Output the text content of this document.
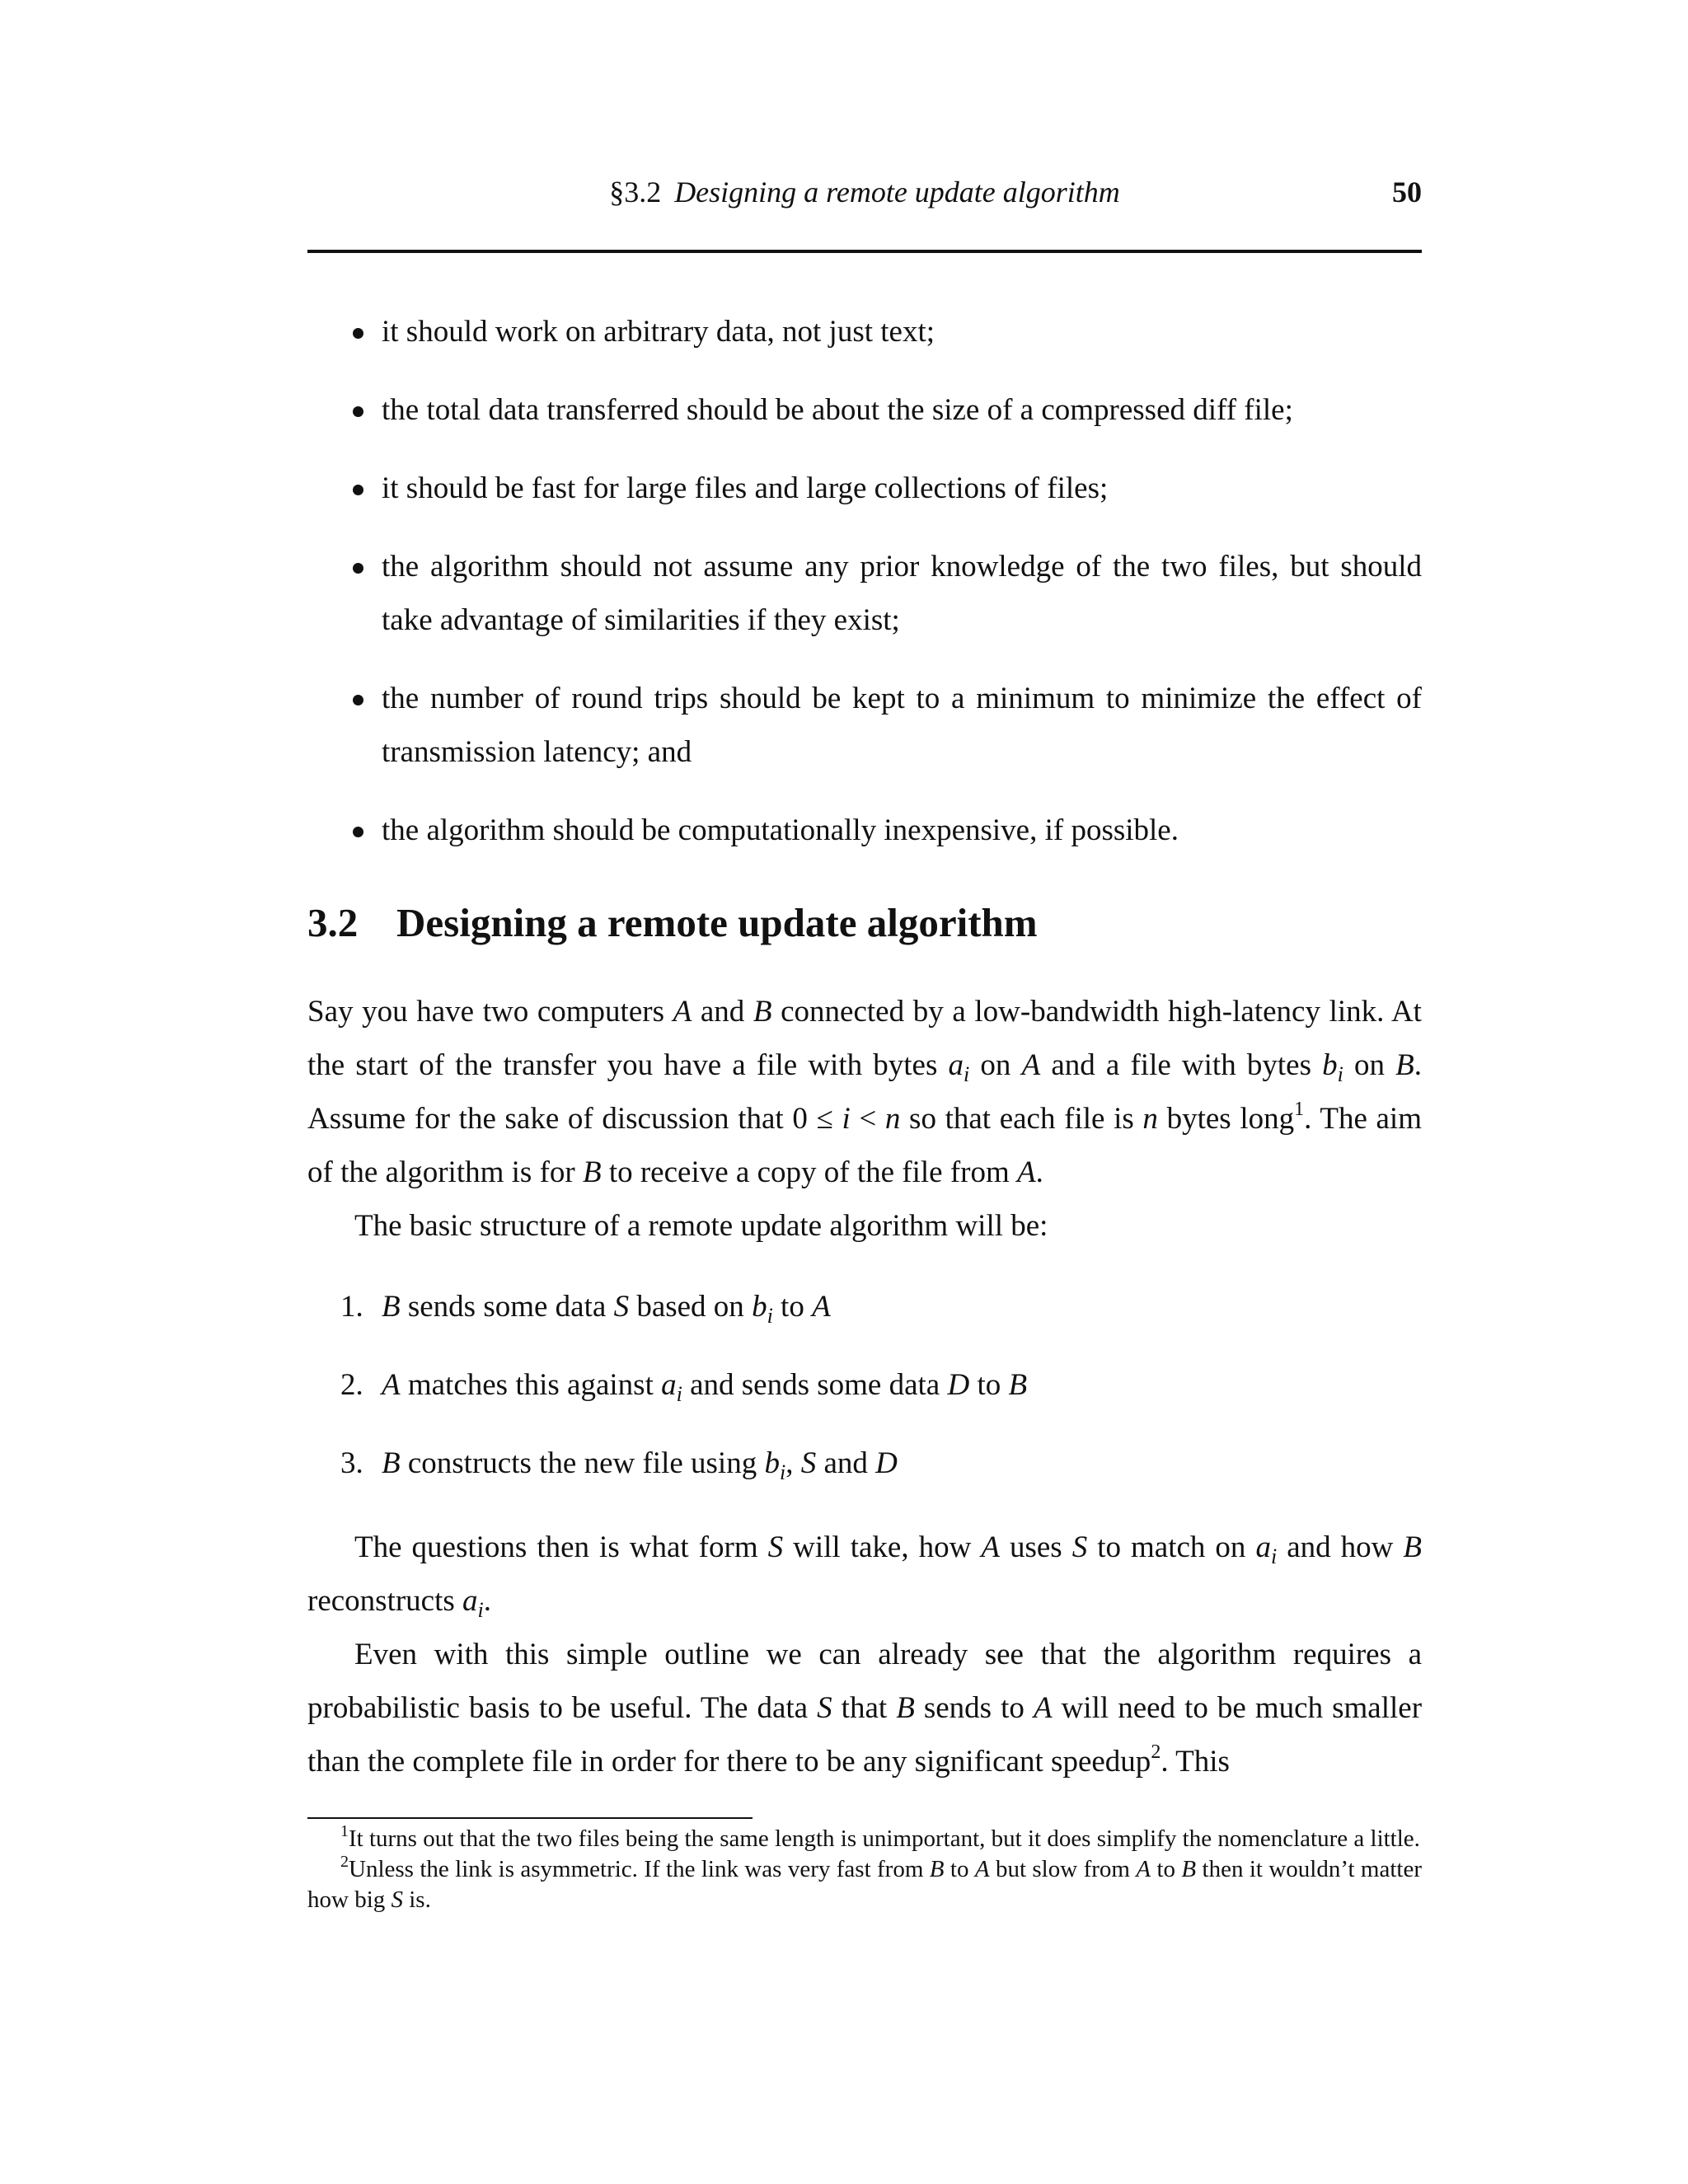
§3.2 Designing a remote update algorithm	50
it should work on arbitrary data, not just text;
the total data transferred should be about the size of a compressed diff file;
it should be fast for large files and large collections of files;
the algorithm should not assume any prior knowledge of the two files, but should take advantage of similarities if they exist;
the number of round trips should be kept to a minimum to minimize the effect of transmission latency; and
the algorithm should be computationally inexpensive, if possible.
3.2 Designing a remote update algorithm

Say you have two computers A and B connected by a low-bandwidth high-latency link. At the start of the transfer you have a file with bytes $a_i$ on A and a file with bytes $b_i$ on B. Assume for the sake of discussion that 0 ≤ i < n so that each file is n bytes long$^1$. The aim of the algorithm is for B to receive a copy of the file from A.

The basic structure of a remote update algorithm will be:

1. B sends some data S based on $b_i$ to A
2. A matches this against $a_i$ and sends some data D to B
3. B constructs the new file using $b_i$, S and D

The questions then is what form S will take, how A uses S to match on $a_i$ and how B reconstructs $a_i$.

Even with this simple outline we can already see that the algorithm requires a probabilistic basis to be useful. The data S that B sends to A will need to be much smaller than the complete file in order for there to be any significant speedup$^2$. This

$^1$It turns out that the two files being the same length is unimportant, but it does simplify the nomenclature a little.

$^2$Unless the link is asymmetric. If the link was very fast from B to A but slow from A to B then it wouldn’t matter how big S is.
